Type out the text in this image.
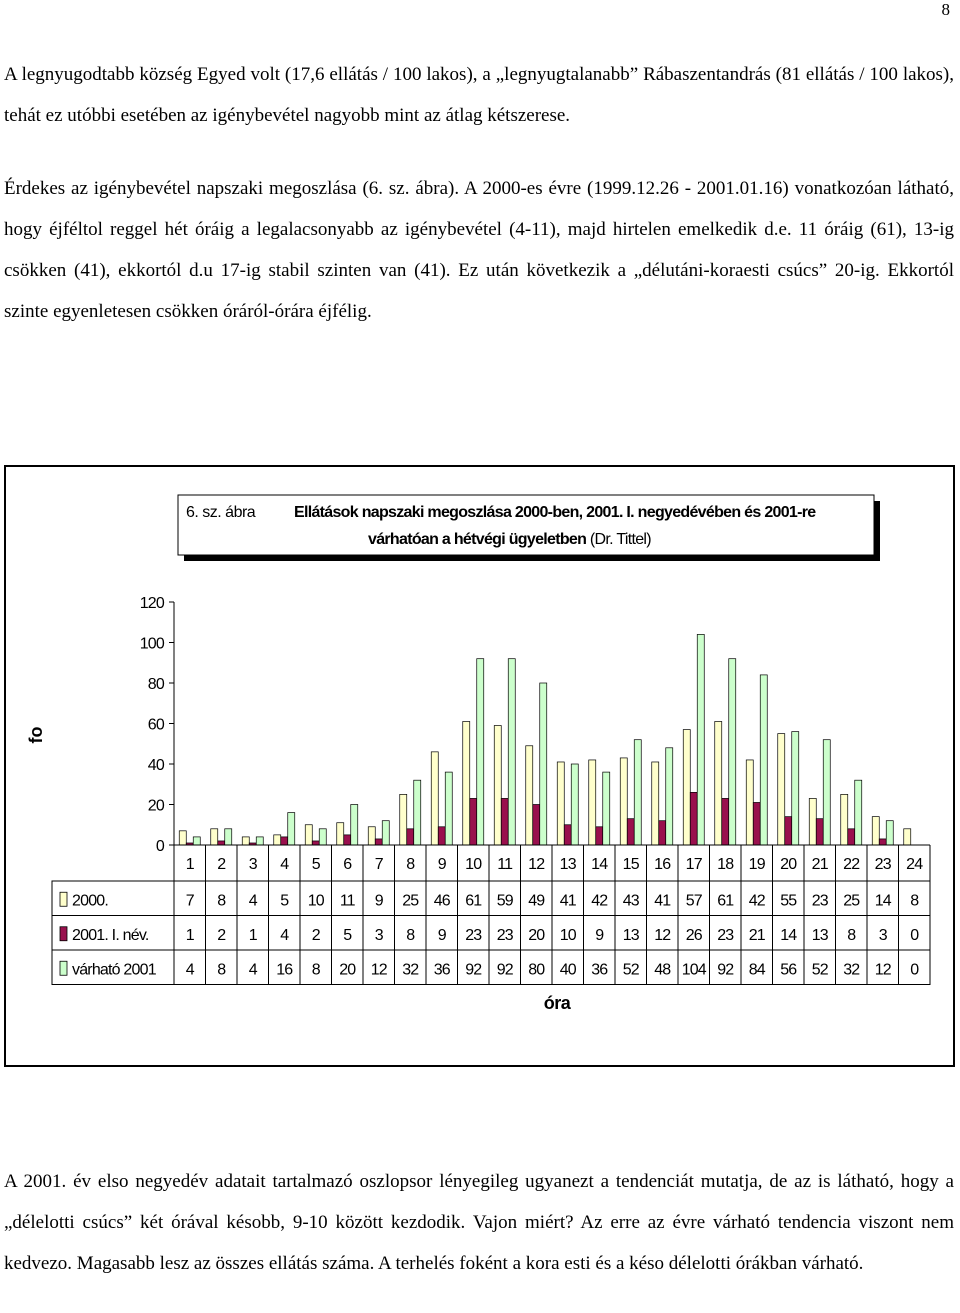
8

A legnyugodtabb község Egyed volt (17,6 ellátás / 100 lakos), a „legnyugtalanabb” Rábaszentandrás (81 ellátás / 100 lakos), tehát ez utóbbi esetében az igénybevétel nagyobb mint az átlag kétszerese.

Érdekes az igénybevétel napszaki megoszlása (6. sz. ábra). A 2000-es évre (1999.12.26 - 2001.01.16) vonatkozóan látható, hogy éjféltol reggel hét óráig a legalacsonyabb az igénybevétel (4-11), majd hirtelen emelkedik d.e. 11 óráig (61), 13-ig csökken (41), ekkortól d.u 17-ig stabil szinten van (41). Ez után következik a „délutáni-koraesti csúcs” 20-ig. Ekkortól szinte egyenletesen csökken óráról-órára éjfélig.

6. sz. ábra Ellátások napszaki megoszlása 2000-ben, 2001. I. negyedévében és 2001-re
várhatóan a hétvégi ügyeletben (Dr. Tittel)
fo
0
20
40
60
80
100
120
1 2 3 4 5 6 7 8 9 10 11 12 13 14 15 16 17 18 19 20 21 22 23 24
2000.	7 8 4 5 10 11 9 25 46 61 59 49 41 42 43 41 57 61 42 55 23 25 14 8
2001. I. név. 1 2 1 4 2 5 3 8 9 23 23 20 10 9 13 12 26 23 21 14 13 8 3 0
várható 2001 4 8 4 16 8 20 12 32 36 92 92 80 40 36 52 48 104 92 84 56 52 32 12 0
óra

A 2001. év elso negyedév adatait tartalmazó oszlopsor lényegileg ugyanezt a tendenciát mutatja, de az is látható, hogy a „délelotti csúcs” két órával késobb, 9-10 között kezdodik. Vajon miért? Az erre az évre várható tendencia viszont nem kedvezo. Magasabb lesz az összes ellátás száma. A terhelés foként a kora esti és a késo délelotti órákban várható.
